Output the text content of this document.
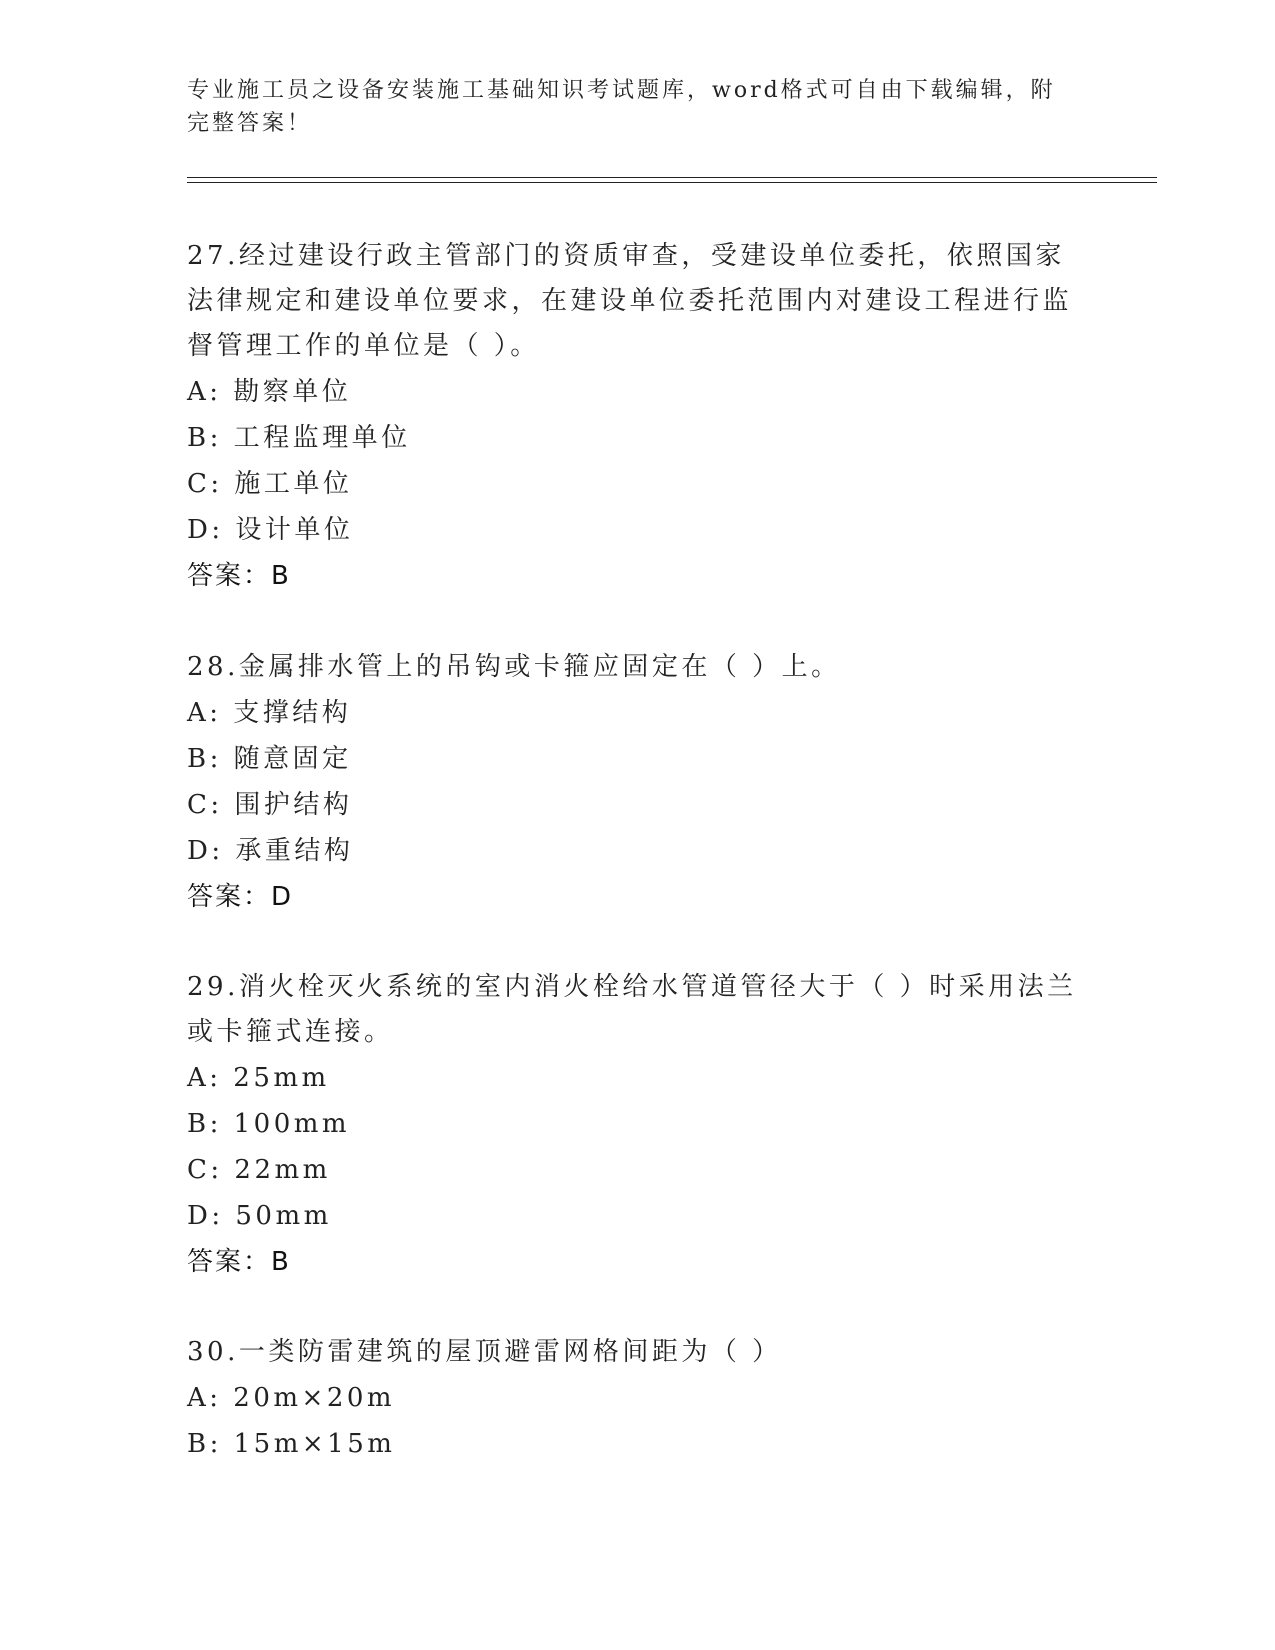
专业施工员之设备安装施工基础知识考试题库，word格式可自由下载编辑，附完整答案！
27.经过建设行政主管部门的资质审查，受建设单位委托，依照国家法律规定和建设单位要求，在建设单位委托范围内对建设工程进行监督管理工作的单位是（ ）。
A: 勘察单位
B: 工程监理单位
C: 施工单位
D: 设计单位
答案：B
28.金属排水管上的吊钩或卡箍应固定在（ ）上。
A: 支撑结构
B: 随意固定
C: 围护结构
D: 承重结构
答案：D
29.消火栓灭火系统的室内消火栓给水管道管径大于（ ）时采用法兰或卡箍式连接。
A: 25mm
B: 100mm
C: 22mm
D: 50mm
答案：B
30.一类防雷建筑的屋顶避雷网格间距为（ ）
A: 20m×20m
B: 15m×15m
